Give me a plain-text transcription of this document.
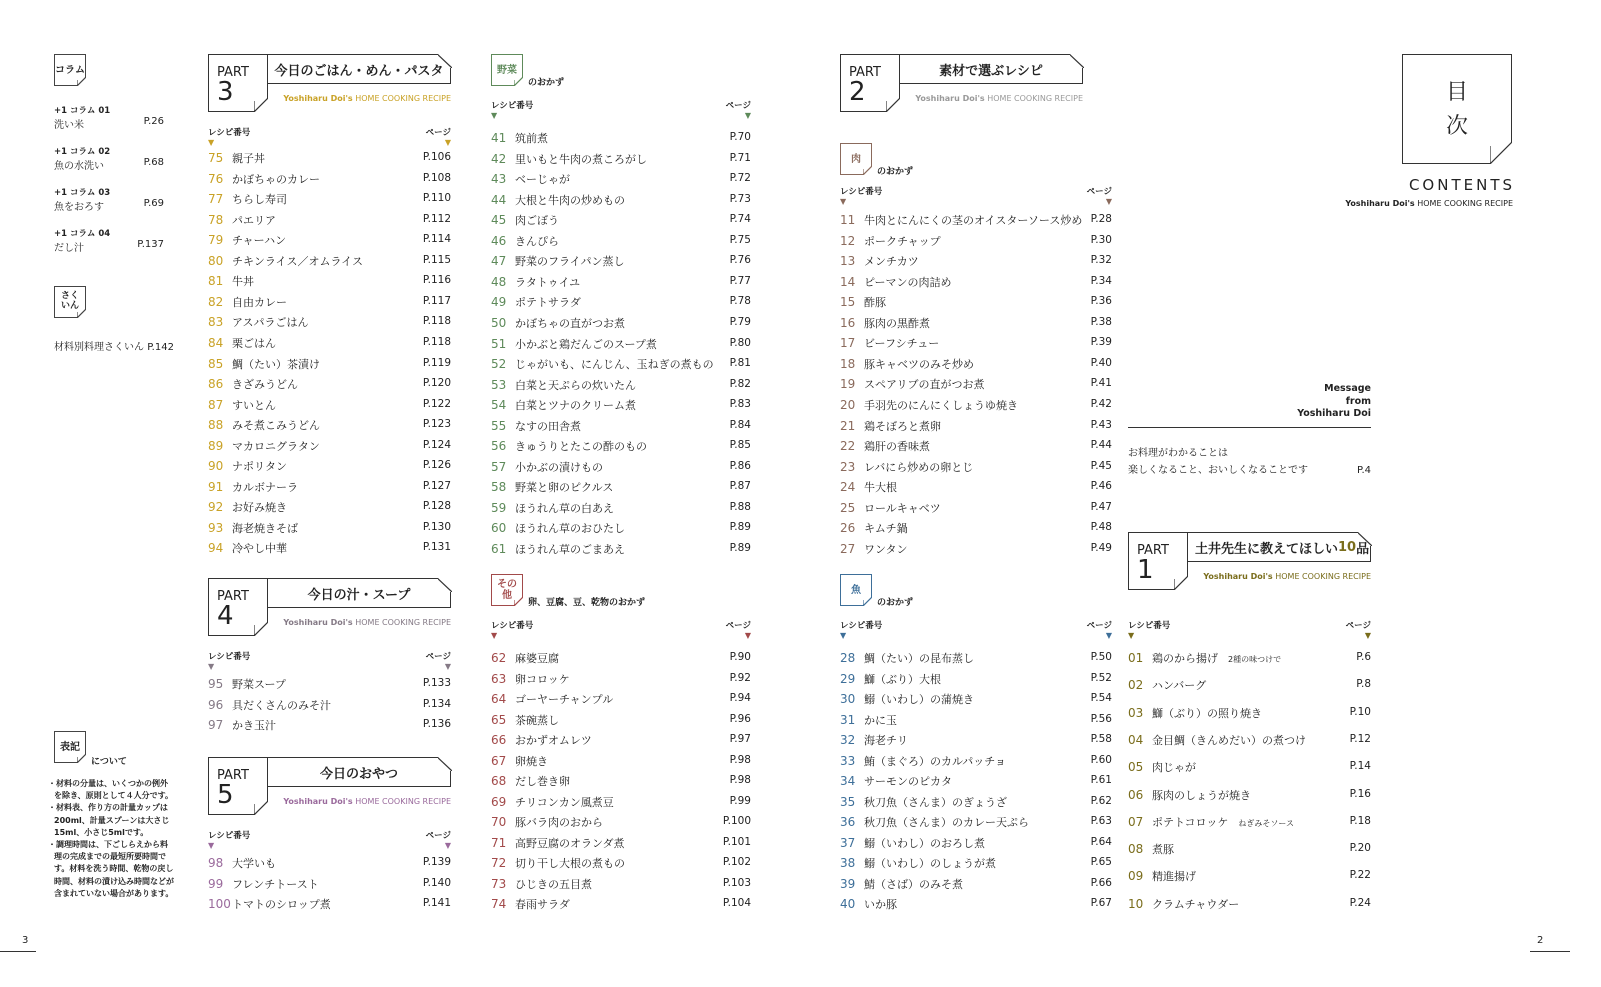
コラム
+1 コラム 01
洗い米	P.26
+1 コラム 02
魚の水洗い	P.68
+1 コラム 03
魚をおろす	P.69
+1 コラム 04
だし汁	P.137
さく いん
材料別料理さくいん P.142
表記
について
・材料の分量は、いくつかの例外を除き、原則として４人分です。
・材料表、作り方の計量カップは200ml、計量スプーンは大さじ15ml、小さじ5mlです。
・調理時間は、下ごしらえから料理の完成までの最短所要時間です。材料を洗う時間、乾物の戻し時間、材料の漬け込み時間などが含まれていない場合があります。
3
PART
3
今日のごはん・めん・パスタ
Yoshiharu Doi's HOME COOKING RECIPE
レシピ番号
▼
ページ
▼
75 親子丼	P.106
76 かぼちゃのカレー	P.108
77 ちらし寿司	P.110
78 パエリア	P.112
79 チャーハン	P.114
80 チキンライス／オムライス	P.115
81 牛丼	P.116
82 自由カレー	P.117
83 アスパラごはん	P.118
84 栗ごはん	P.118
85 鯛（たい）茶漬け	P.119
86 きざみうどん	P.120
87 すいとん	P.122
88 みそ煮こみうどん	P.123
89 マカロニグラタン	P.124
90 ナポリタン	P.126
91 カルボナーラ	P.127
92 お好み焼き	P.128
93 海老焼きそば	P.130
94 冷やし中華	P.131
PART
4
今日の汁・スープ
Yoshiharu Doi's HOME COOKING RECIPE
レシピ番号
▼
ページ
▼
95 野菜スープ	P.133
96 具だくさんのみそ汁	P.134
97 かき玉汁	P.136
PART
5
今日のおやつ
Yoshiharu Doi's HOME COOKING RECIPE
レシピ番号
▼
ページ
▼
98 大学いも	P.139
99 フレンチトースト	P.140
100トマトのシロップ煮	P.141
野菜
のおかず
レシピ番号
▼
ページ
▼
41 筑前煮	P.70
42 里いもと牛肉の煮ころがし	P.71
43 ベーじゃが	P.72
44 大根と牛肉の炒めもの	P.73
45 肉ごぼう	P.74
46 きんぴら	P.75
47 野菜のフライパン蒸し	P.76
48 ラタトゥイユ	P.77
49 ポテトサラダ	P.78
50 かぼちゃの直がつお煮	P.79
51 小かぶと鶏だんごのスープ煮	P.80
52 じゃがいも、にんじん、玉ねぎの煮もの P.81
53 白菜と天ぷらの炊いたん	P.82
54 白菜とツナのクリーム煮	P.83
55 なすの田舎煮	P.84
56 きゅうりとたこの酢のもの	P.85
57 小かぶの漬けもの	P.86
58 野菜と卵のピクルス	P.87
59 ほうれん草の白あえ	P.88
60 ほうれん草のおひたし	P.89
61 ほうれん草のごまあえ	P.89
その 他
卵、豆腐、豆、乾物のおかず
レシピ番号
▼
ページ
▼
62 麻婆豆腐	P.90
63 卵コロッケ	P.92
64 ゴーヤーチャンプル	P.94
65 茶碗蒸し	P.96
66 おかずオムレツ	P.97
67 卵焼き	P.98
68 だし巻き卵	P.98
69 チリコンカン風煮豆	P.99
70 豚バラ肉のおから	P.100
71 高野豆腐のオランダ煮	P.101
72 切り干し大根の煮もの	P.102
73 ひじきの五目煮	P.103
74 春雨サラダ	P.104
PART
2
素材で選ぶレシピ
Yoshiharu Doi's HOME COOKING RECIPE
肉
のおかず
レシピ番号
▼
ページ
▼
11 牛肉とにんにくの茎のオイスターソース炒め P.28
12 ポークチャップ	P.30
13 メンチカツ	P.32
14 ピーマンの肉詰め	P.34
15 酢豚	P.36
16 豚肉の黒酢煮	P.38
17 ビーフシチュー	P.39
18 豚キャベツのみそ炒め	P.40
19 スペアリブの直がつお煮	P.41
20 手羽先のにんにくしょうゆ焼き	P.42
21 鶏そぼろと煮卵	P.43
22 鶏肝の香味煮	P.44
23 レバにら炒めの卵とじ	P.45
24 牛大根	P.46
25 ロールキャベツ	P.47
26 キムチ鍋	P.48
27 ワンタン	P.49
魚
のおかず
レシピ番号
▼
ページ
▼
28 鯛（たい）の昆布蒸し	P.50
29 鰤（ぶり）大根	P.52
30 鰯（いわし）の蒲焼き	P.54
31 かに玉	P.56
32 海老チリ	P.58
33 鮪（まぐろ）のカルパッチョ	P.60
34 サーモンのピカタ	P.61
35 秋刀魚（さんま）のぎょうざ	P.62
36 秋刀魚（さんま）のカレー天ぷら	P.63
37 鰯（いわし）のおろし煮	P.64
38 鰯（いわし）のしょうが煮	P.65
39 鯖（さば）のみそ煮	P.66
40 いか豚	P.67
目
次
CONTENTS
Yoshiharu Doi's HOME COOKING RECIPE
Message
from
Yoshiharu Doi
お料理がわかることは
楽しくなること、おいしくなることです	P.4
PART
1
土井先生に教えてほしい 10 品
Yoshiharu Doi's HOME COOKING RECIPE
レシピ番号
▼
ページ
▼
01 鶏のから揚げ 2種の味つけで	P.6
02 ハンバーグ	P.8
03 鰤（ぶり）の照り焼き	P.10
04 金目鯛（きんめだい）の煮つけ	P.12
05 肉じゃが	P.14
06 豚肉のしょうが焼き	P.16
07 ポテトコロッケ ねぎみそソース	P.18
08 煮豚	P.20
09 精進揚げ	P.22
10 クラムチャウダー	P.24
2
